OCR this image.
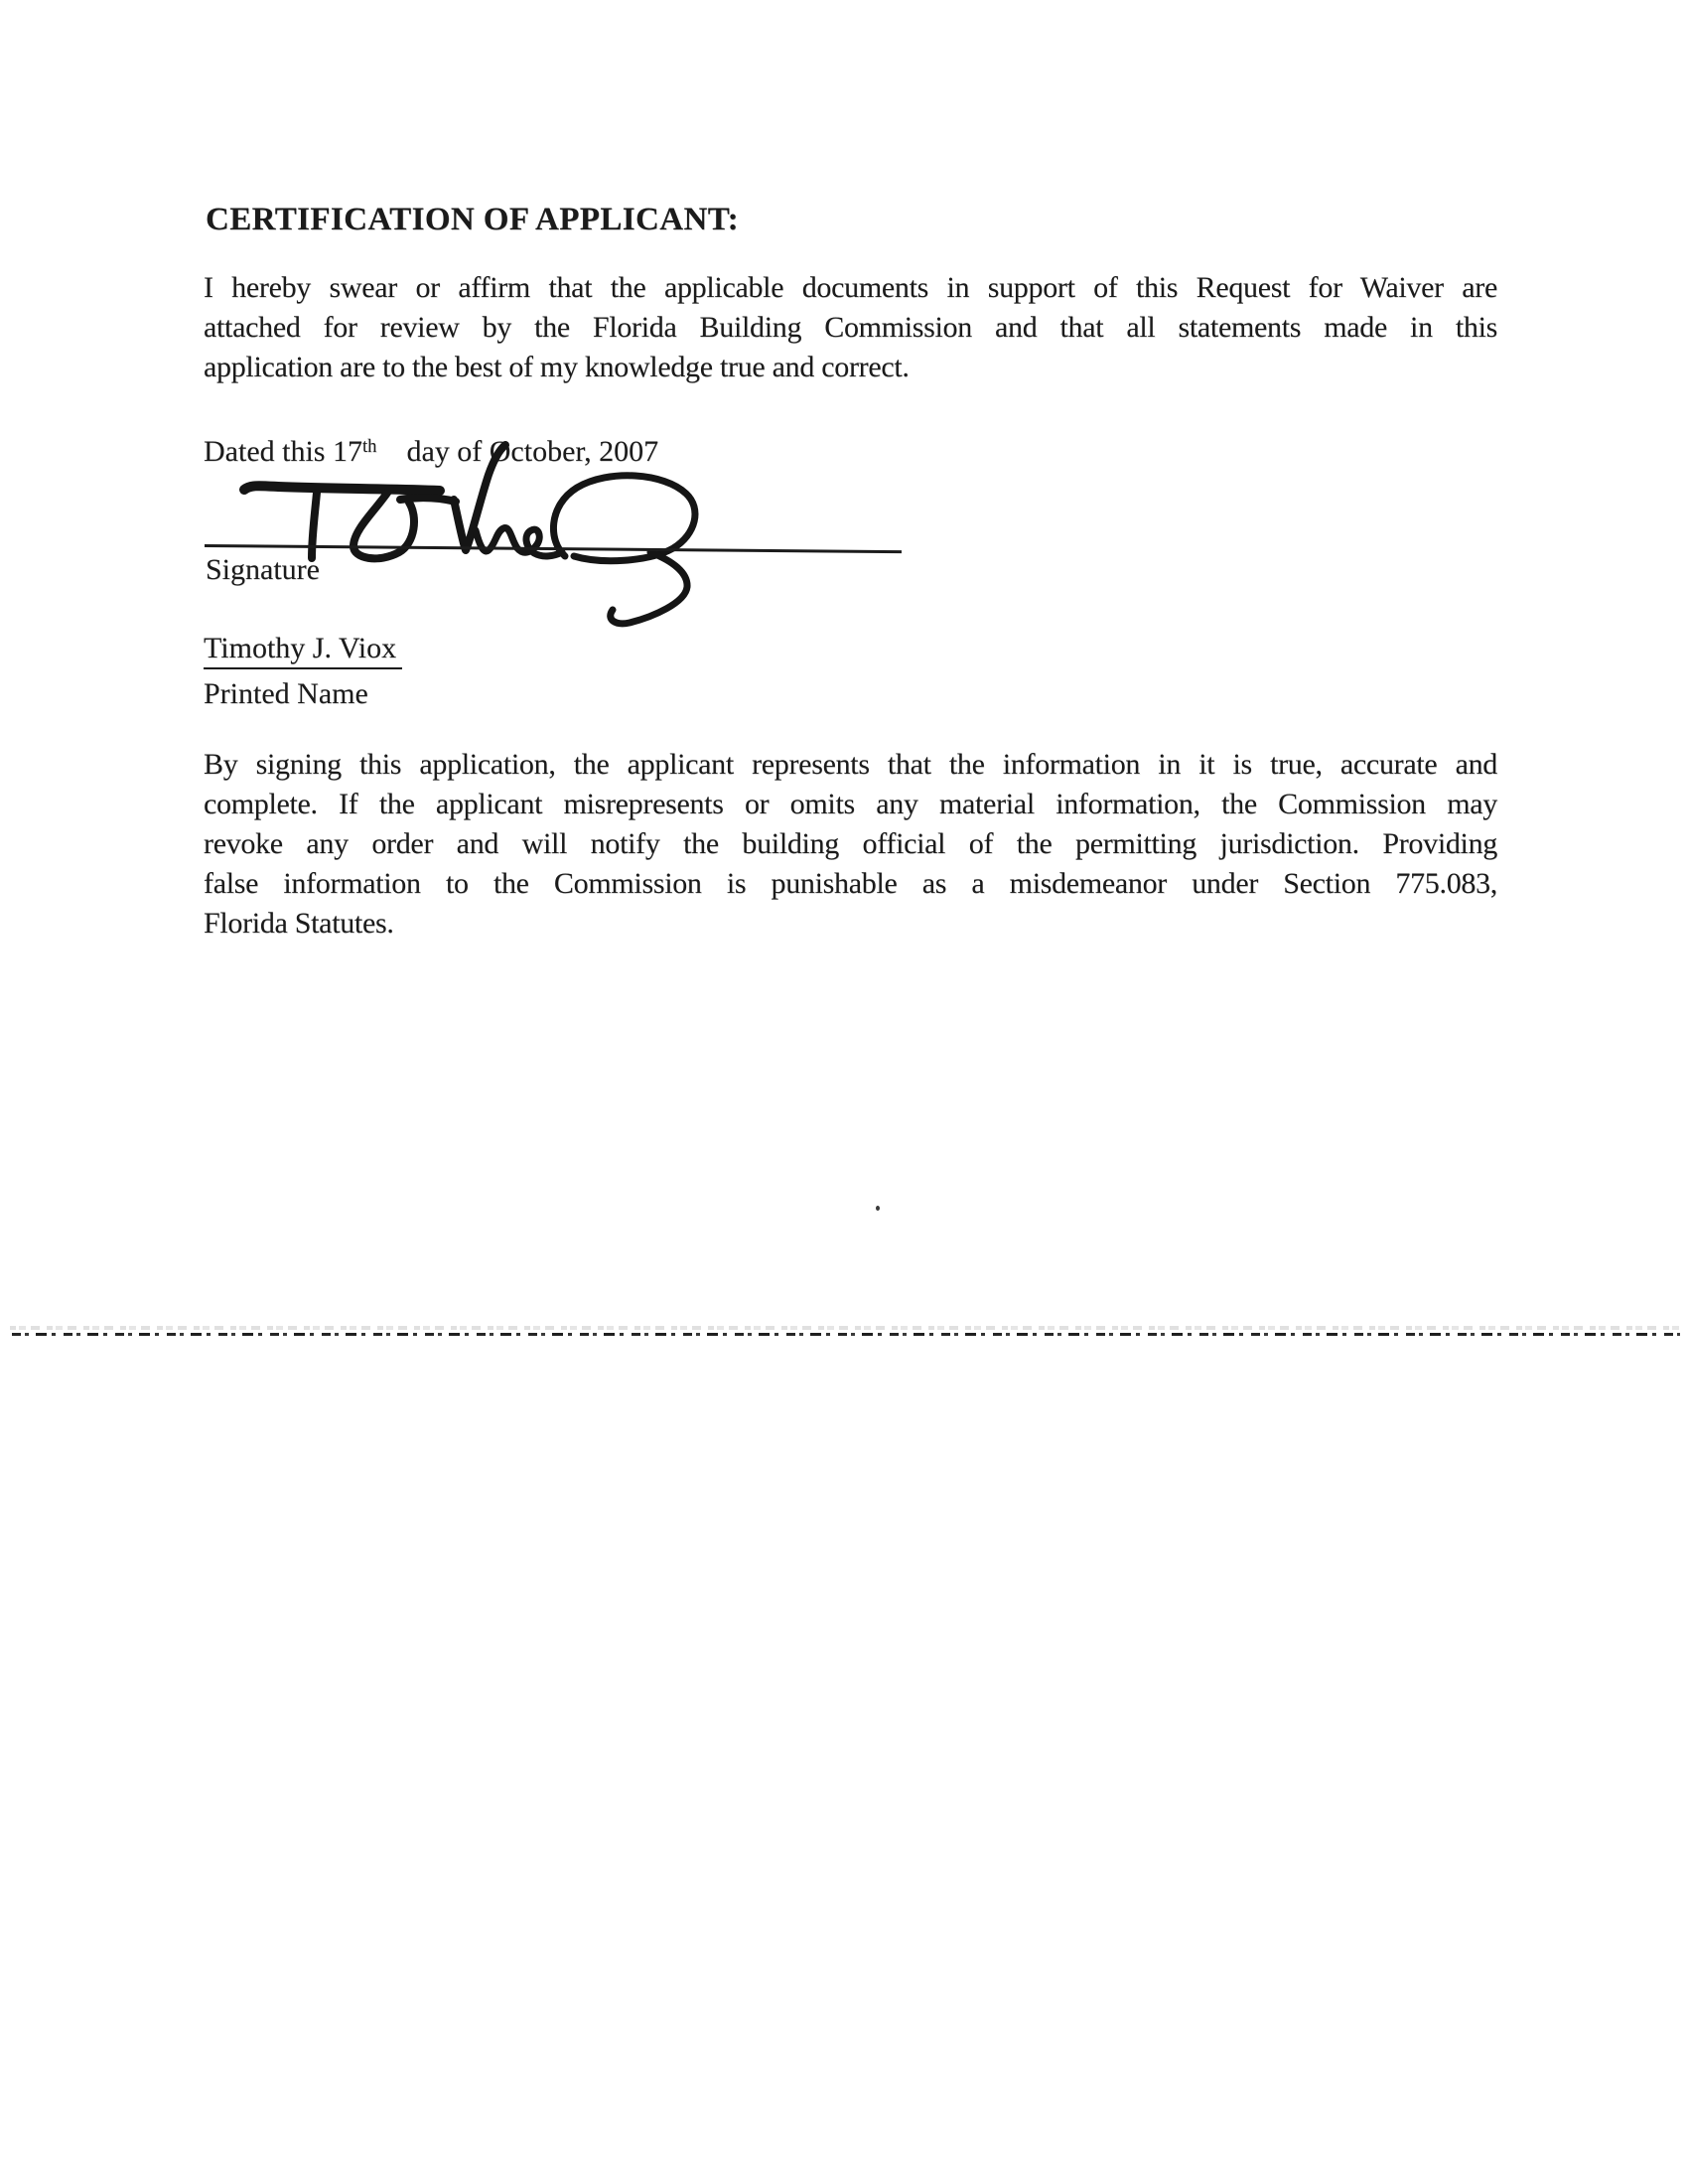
CERTIFICATION OF APPLICANT:
I hereby swear or affirm that the applicable documents in support of this Request for Waiver are
attached for review by the Florida Building Commission and that all statements made in this
application are to the best of my knowledge true and correct.
Dated this 17th day of October, 2007
Signature
Timothy J. Viox
Printed Name
By signing this application, the applicant represents that the information in it is true, accurate and
complete. If the applicant misrepresents or omits any material information, the Commission may
revoke any order and will notify the building official of the permitting jurisdiction. Providing
false information to the Commission is punishable as a misdemeanor under Section 775.083,
Florida Statutes.
